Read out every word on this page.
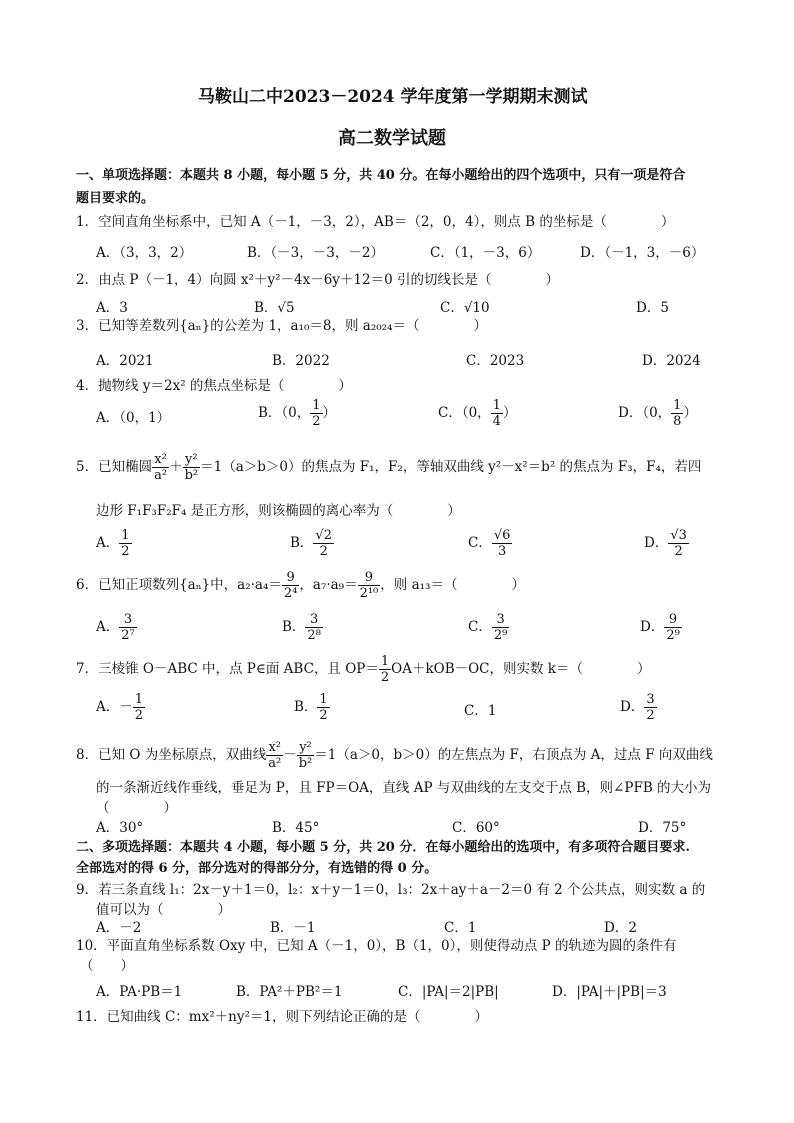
马鞍山二中2023－2024 学年度第一学期期末测试
高二数学试题
一、单项选择题：本题共 8 小题，每小题 5 分，共 40 分。在每小题给出的四个选项中，只有一项是符合
题目要求的。
1．空间直角坐标系中，已知 A（－1，－3，2），AB＝（2，0，4），则点 B 的坐标是（　　　　）
A．（3，3，2）	B．（－3，－3，－2）	C．（1，－3，6）	D．（－1，3，－6）
2．由点 P（－1，4）向圆 x²＋y²－4x－6y＋12＝0 引的切线长是（　　　　）
A．3	B．√5	C．√10	D．5
3．已知等差数列{aₙ}的公差为 1，a₁₀＝8，则 a₂₀₂₄＝（　　　　）
A．2021	B．2022	C．2023	D．2024
4．抛物线 y＝2x² 的焦点坐标是（　　　　）
A．（0，1）	B．（0， $\frac{1}{2}$ ）	C．（0， $\frac{1}{4}$ ）	D．（0， $\frac{1}{8}$ ）
5．已知椭圆 $\frac{\text{x²}}{\text{a²}} + \frac{\text{y²}}{\text{b²}} =1(a>b>0)$的焦点为 F₁，F₂，等轴双曲线 y²－x²＝b² 的焦点为 F₃，F₄，若四
边形 F₁F₃F₂F₄ 是正方形，则该椭圆的离心率为（　　　　）
A． $\frac{1}{2}$	B． $\frac{√2}{2}$	C． $\frac{√6}{3}$	D． $\frac{√3}{2}$
6．已知正项数列{aₙ}中，$a_2\cdot a_4= \frac{9}{\text{2⁴}}$ ，$a_7\cdot a_9= \frac{9}{\text{2¹⁰}}$ ，则 a₁₃＝（　　　　）
A． $\frac{3}{\text{2⁷}}$	B． $\frac{3}{\text{2⁸}}$	C． $\frac{3}{\text{2⁹}}$	D． $\frac{9}{\text{2⁹}}$
7．三棱锥 O－ABC 中，点 P∈面 ABC，且 $OP= \frac{1}{2} OA+kOB-OC$，则实数 k＝（　　　　）
A．－ $\frac{1}{2}$	B． $\frac{1}{2}$	C．1	D． $\frac{3}{2}$
8．已知 O 为坐标原点，双曲线 $\frac{\text{x²}}{\text{a²}} - \frac{\text{y²}}{\text{b²}} =1(a>0$，b＞0）的左焦点为 F，右顶点为 A，过点 F 向双曲线
的一条渐近线作垂线，垂足为 P，且 FP＝OA，直线 AP 与双曲线的左支交于点 B，则∠PFB 的大小为
（　　　　）
A．30°	B．45°	C．60°	D．75°
二、多项选择题：本题共 4 小题，每小题 5 分，共 20 分．在每小题给出的选项中，有多项符合题目要求.
全部选对的得 6 分，部分选对的得部分分，有选错的得 0 分。
9．若三条直线 l₁：2x－y＋1＝0，l₂：x＋y－1＝0，l₃：2x＋ay＋a－2＝0 有 2 个公共点，则实数 a 的
值可以为（　　　　）
A．－2	B．－1	C．1	D．2
10．平面直角坐标系数 Oxy 中，已知 A（－1，0），B（1，0），则使得动点 P 的轨迹为圆的条件有
（　　）
A．PA·PB＝1	B．PA²＋PB²＝1	C．|PA|＝2|PB|	D．|PA|＋|PB|＝3
11．已知曲线 C：mx²＋ny²＝1，则下列结论正确的是（　　　　）
